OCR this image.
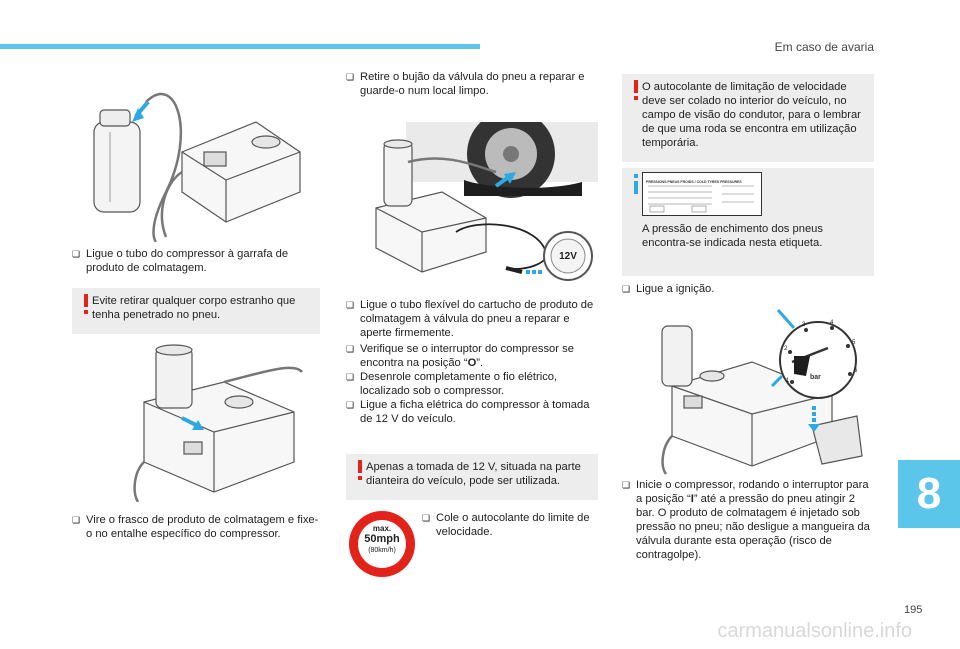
Em caso de avaria
❏ Ligue o tubo do compressor à garrafa de produto de colmatagem.
Evite retirar qualquer corpo estranho que tenha penetrado no pneu.
❏ Vire o frasco de produto de colmatagem e fixe-o no entalhe específico do compressor.
❏ Retire o bujão da válvula do pneu a reparar e guarde-o num local limpo.
12V
❏ Ligue o tubo flexível do cartucho de produto de colmatagem à válvula do pneu a reparar e aperte firmemente.
❏ Verifique se o interruptor do compressor se encontra na posição “O”.
❏ Desenrole completamente o fio elétrico, localizado sob o compressor.
❏ Ligue a ficha elétrica do compressor à tomada de 12 V do veículo.
Apenas a tomada de 12 V, situada na parte dianteira do veículo, pode ser utilizada.
max.
50mph
(80km/h)
❏ Cole o autocolante do limite de velocidade.
O autocolante de limitação de velocidade deve ser colado no interior do veículo, no campo de visão do condutor, para o lembrar de que uma roda se encontra em utilização temporária.
PRESSIONS PNEUS FROIDS / COLD TYRES PRESSURES
A pressão de enchimento dos pneus encontra-se indicada nesta etiqueta.
❏ Ligue a ignição.
bar
1
2
3	4
5
6
❏ Inicie o compressor, rodando o interruptor para a posição “I” até a pressão do pneu atingir 2 bar. O produto de colmatagem é injetado sob pressão no pneu; não desligue a mangueira da válvula durante esta operação (risco de contragolpe).
8
195
carmanualsonline.info
